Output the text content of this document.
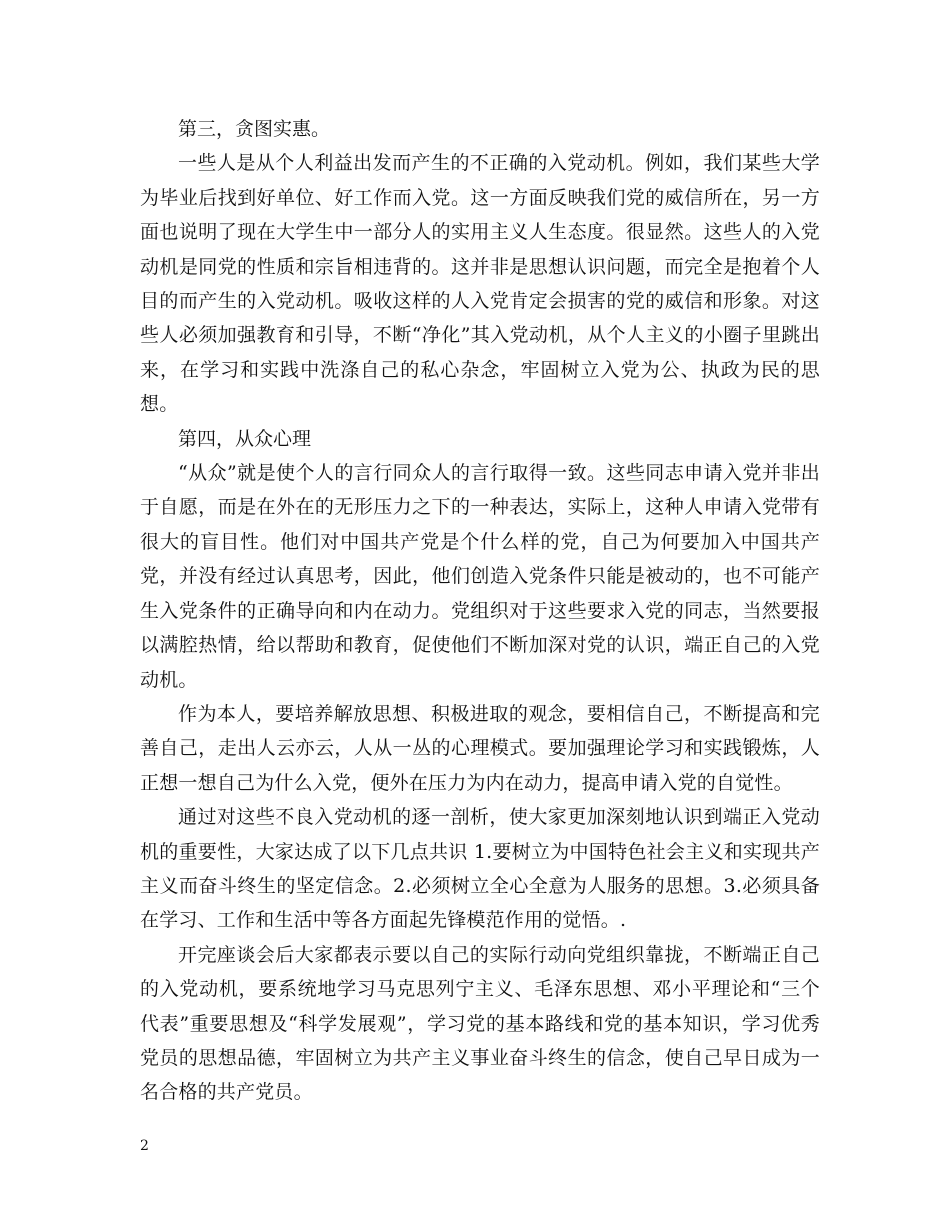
第三，贪图实惠。

一些人是从个人利益出发而产生的不正确的入党动机。例如，我们某些大学为毕业后找到好单位、好工作而入党。这一方面反映我们党的威信所在，另一方面也说明了现在大学生中一部分人的实用主义人生态度。很显然。这些人的入党动机是同党的性质和宗旨相违背的。这并非是思想认识问题，而完全是抱着个人目的而产生的入党动机。吸收这样的人入党肯定会损害的党的威信和形象。对这些人必须加强教育和引导，不断“净化”其入党动机，从个人主义的小圈子里跳出来，在学习和实践中洗涤自己的私心杂念，牢固树立入党为公、执政为民的思想。

第四，从众心理

“从众”就是使个人的言行同众人的言行取得一致。这些同志申请入党并非出于自愿，而是在外在的无形压力之下的一种表达，实际上，这种人申请入党带有很大的盲目性。他们对中国共产党是个什么样的党，自己为何要加入中国共产党，并没有经过认真思考，因此，他们创造入党条件只能是被动的，也不可能产生入党条件的正确导向和内在动力。党组织对于这些要求入党的同志，当然要报以满腔热情，给以帮助和教育，促使他们不断加深对党的认识，端正自己的入党动机。

作为本人，要培养解放思想、积极进取的观念，要相信自己，不断提高和完善自己，走出人云亦云，人从一丛的心理模式。要加强理论学习和实践锻炼，人正想一想自己为什么入党，便外在压力为内在动力，提高申请入党的自觉性。

通过对这些不良入党动机的逐一剖析，使大家更加深刻地认识到端正入党动机的重要性，大家达成了以下几点共识 1.要树立为中国特色社会主义和实现共产主义而奋斗终生的坚定信念。2.必须树立全心全意为人服务的思想。3.必须具备在学习、工作和生活中等各方面起先锋模范作用的觉悟。.

开完座谈会后大家都表示要以自己的实际行动向党组织靠拢，不断端正自己的入党动机，要系统地学习马克思列宁主义、毛泽东思想、邓小平理论和“三个代表”重要思想及“科学发展观”，学习党的基本路线和党的基本知识，学习优秀党员的思想品德，牢固树立为共产主义事业奋斗终生的信念，使自己早日成为一名合格的共产党员。

2
